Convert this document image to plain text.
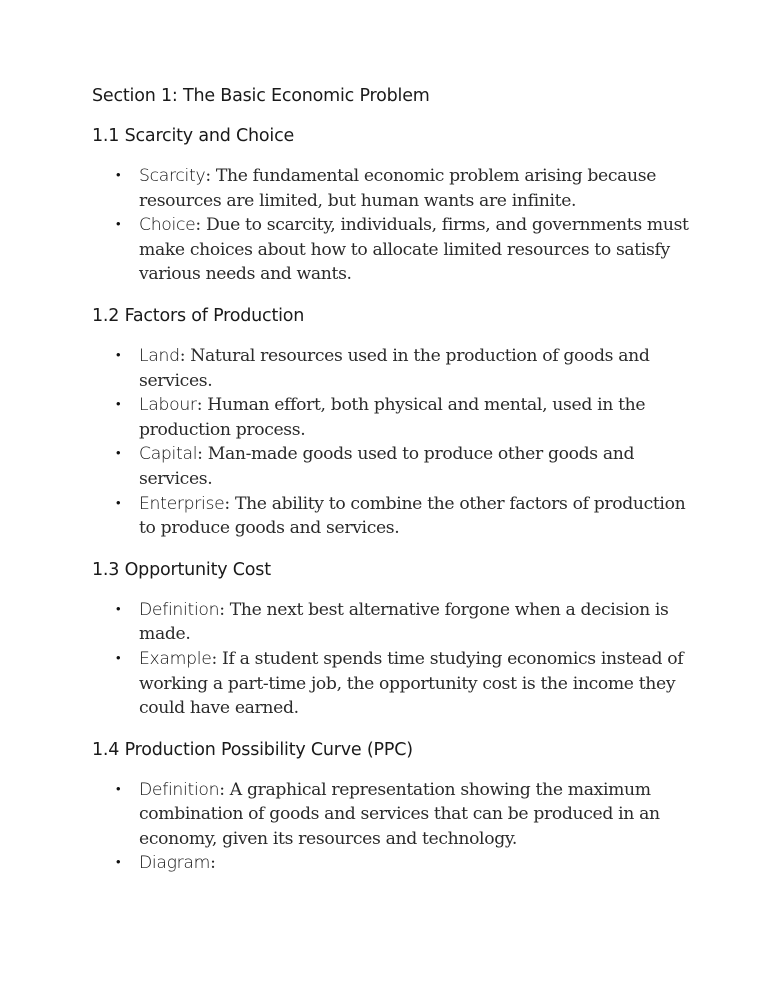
Section 1: The Basic Economic Problem
1.1 Scarcity and Choice
• Scarcity: The fundamental economic problem arising because resources are limited, but human wants are infinite.
• Choice: Due to scarcity, individuals, firms, and governments must make choices about how to allocate limited resources to satisfy various needs and wants.
1.2 Factors of Production
• Land: Natural resources used in the production of goods and services.
• Labour: Human effort, both physical and mental, used in the production process.
• Capital: Man-made goods used to produce other goods and services.
• Enterprise: The ability to combine the other factors of production to produce goods and services.
1.3 Opportunity Cost
• Definition: The next best alternative forgone when a decision is made.
• Example: If a student spends time studying economics instead of working a part-time job, the opportunity cost is the income they could have earned.
1.4 Production Possibility Curve (PPC)
• Definition: A graphical representation showing the maximum combination of goods and services that can be produced in an economy, given its resources and technology.
• Diagram:
